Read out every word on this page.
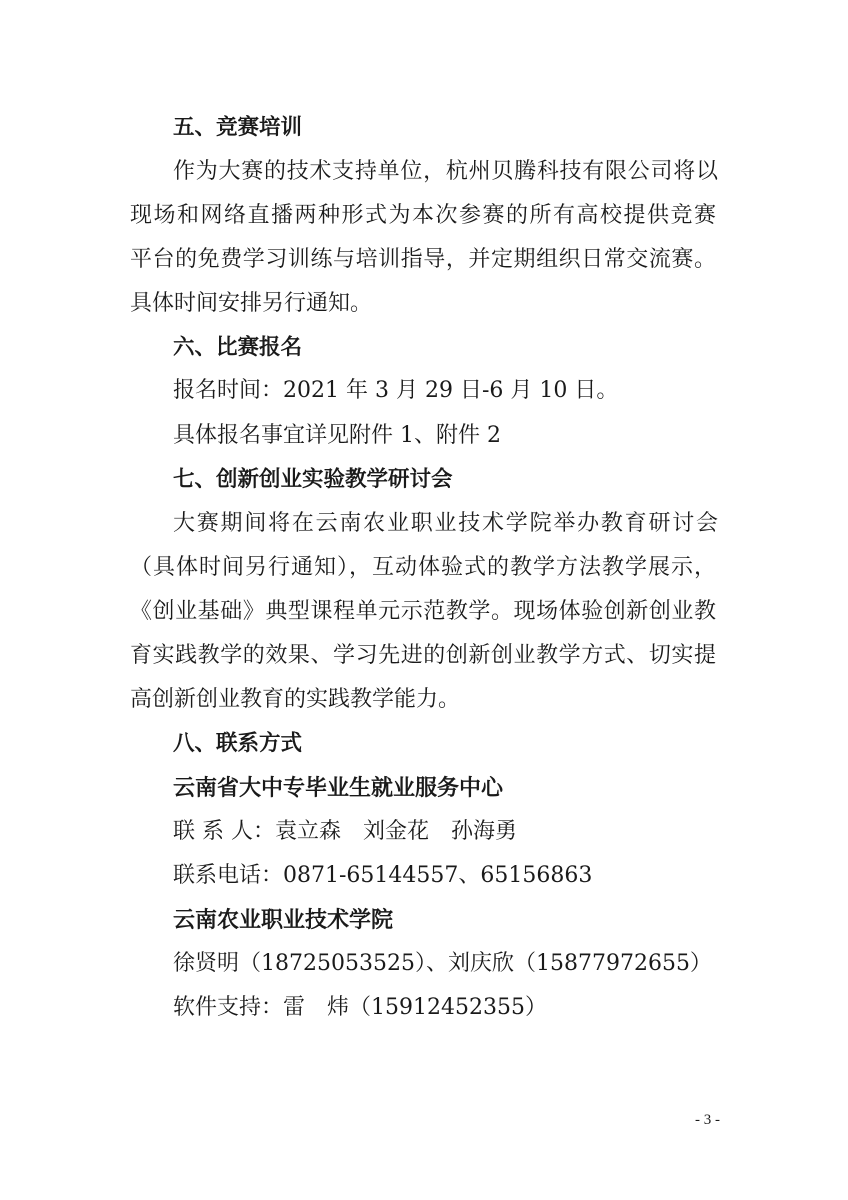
五、竞赛培训
作为大赛的技术支持单位，杭州贝腾科技有限公司将以
现场和网络直播两种形式为本次参赛的所有高校提供竞赛
平台的免费学习训练与培训指导，并定期组织日常交流赛。
具体时间安排另行通知。
六、比赛报名
报名时间：2021 年 3 月 29 日-6 月 10 日。
具体报名事宜详见附件 1、附件 2
七、创新创业实验教学研讨会
大赛期间将在云南农业职业技术学院举办教育研讨会
（具体时间另行通知），互动体验式的教学方法教学展示，
《创业基础》典型课程单元示范教学。现场体验创新创业教
育实践教学的效果、学习先进的创新创业教学方式、切实提
高创新创业教育的实践教学能力。
八、联系方式
云南省大中专毕业生就业服务中心
联 系 人：袁立森　刘金花　孙海勇
联系电话：0871-65144557、65156863
云南农业职业技术学院
徐贤明（18725053525）、刘庆欣（15877972655）
软件支持：雷　炜（15912452355）
- 3 -
